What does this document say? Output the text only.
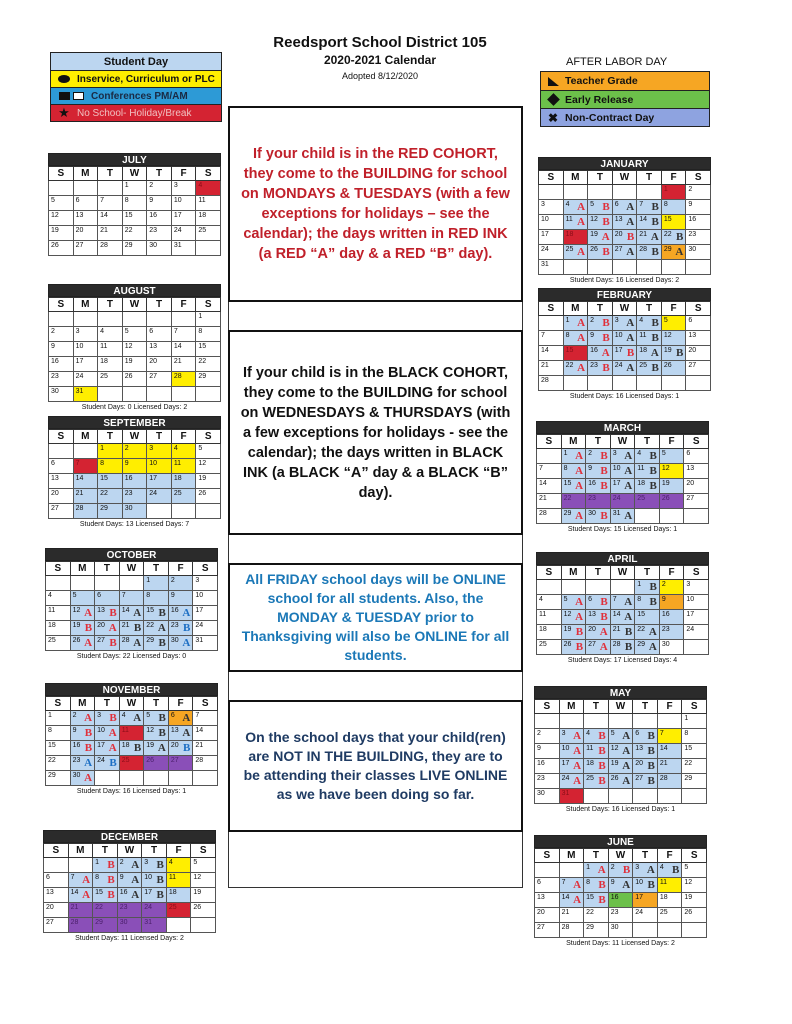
Reedsport School District 105
2020-2021 Calendar
Adopted 8/12/2020
Student Day
Inservice, Curriculum or PLC
Conferences PM/AM
★ No School- Holiday/Break
AFTER LABOR DAY
Teacher Grade
Early Release
✖ Non-Contract Day
If your child is in the RED COHORT, they come to the BUILDING for school on MONDAYS & TUESDAYS (with a few exceptions for holidays – see the calendar); the days written in RED INK (a RED “A” day & a RED “B” day).
If your child is in the BLACK COHORT, they come to the BUILDING for school on WEDNESDAYS & THURSDAYS (with a few exceptions for holidays - see the calendar); the days written in BLACK INK (a BLACK “A” day & a BLACK “B” day).
All FRIDAY school days will be ONLINE school for all students. Also, the MONDAY & TUESDAY prior to Thanksgiving will also be ONLINE for all students.
On the school days that your child(ren) are NOT IN THE BUILDING, they are to be attending their classes LIVE ONLINE as we have been doing so far.
JULY
S	M	T	W	T	F	S
			1	2	3	4
5	6	7	8	9	10	11
12	13	14	15	16	17	18
19	20	21	22	23	24	25
26	27	28	29	30	31	
AUGUST
S	M	T	W	T	F	S
						1
2	3	4	5	6	7	8
9	10	11	12	13	14	15
16	17	18	19	20	21	22
23	24	25	26	27	28	29
30	31					
Student Days: 0 Licensed Days: 2
SEPTEMBER
S	M	T	W	T	F	S
		1	2	3	4	5
6	7	8	9	10	11	12
13	14	15	16	17	18	19
20	21	22	23	24	25	26
27	28	29	30			
Student Days: 13 Licensed Days: 7
OCTOBER
S	M	T	W	T	F	S
				1	2	3
4	5	6	7	8	9	10
11	12 A	13 B	14 A	15 B	16 A	17
18	19 B	20 A	21 B	22 A	23 B	24
25	26 A	27 B	28 A	29 B	30 A	31
Student Days: 22 Licensed Days: 0
NOVEMBER
S	M	T	W	T	F	S
1	2 A	3 B	4 A	5 B	6 A	7
8	9 B	10 A	11	12 B	13 A	14
15	16 B	17 A	18 B	19 A	20 B	21
22	23 A	24 B	25	26	27	28
29	30 A					

Student Days: 16 Licensed Days: 1
DECEMBER
S	M	T	W	T	F	S
		1 B	2 A	3 B	4	5
6	7 A	8 B	9 A	10 B	11	12
13	14 A	15 B	16 A	17 B	18	19
20	21	22	23	24	25	26
27	28	29	30	31		
Student Days: 11 Licensed Days: 2
JANUARY
S	M	T	W	T	F	S
					1	2
3	4 A	5 B	6 A	7 B	8	9
10	11 A	12 B	13 A	14 B	15	16
17	18	19 A	20 B	21 A	22 B	23
24	25 A	26 B	27 A	28 B	29 A	30
31						
Student Days: 16 Licensed Days: 2
FEBRUARY
S	M	T	W	T	F	S
	1 A	2 B	3 A	4 B	5	6
7	8 A	9 B	10 A	11 B	12	13
14	15	16 A	17 B	18 A	19 B	20
21	22 A	23 B	24 A	25 B	26	27
28						
Student Days: 16 Licensed Days: 1
MARCH
S	M	T	W	T	F	S
	1 A	2 B	3 A	4 B	5	6
7	8 A	9 B	10 A	11 B	12	13
14	15 A	16 B	17 A	18 B	19	20
21	22	23	24	25	26	27
28	29 A	30 B	31 A			

Student Days: 15 Licensed Days: 1
APRIL
S	M	T	W	T	F	S
				1 B	2	3
4	5 A	6 B	7 A	8 B	9	10
11	12 A	13 B	14 A	15	16	17
18	19 B	20 A	21 B	22 A	23	24
25	26 B	27 A	28 B	29 A	30	
Student Days: 17 Licensed Days: 4
MAY
S	M	T	W	T	F	S
						1
2	3 A	4 B	5 A	6 B	7	8
9	10 A	11 B	12 A	13 B	14	15
16	17 A	18 B	19 A	20 B	21	22
23	24 A	25 B	26 A	27 B	28	29
30	31					
Student Days: 16 Licensed Days: 1
JUNE
S	M	T	W	T	F	S
		1 A	2 B	3 A	4 B	5
6	7 A	8 B	9 A	10 B	11	12
13	14 A	15 B	16	17	18	19
20	21	22	23	24	25	26
27	28	29	30			
Student Days: 11 Licensed Days: 2
